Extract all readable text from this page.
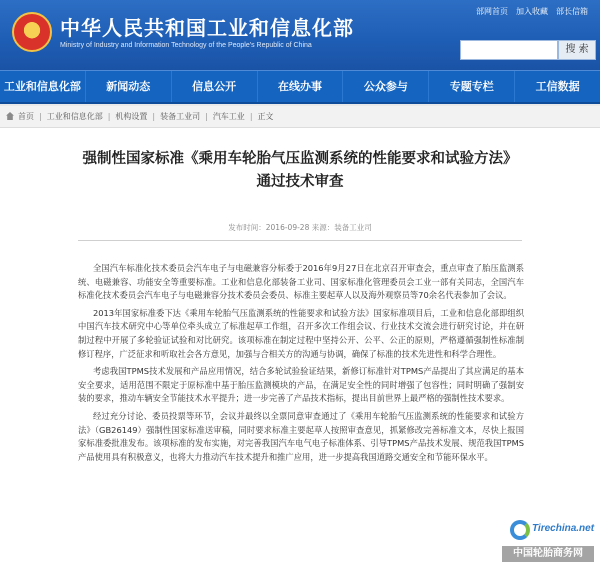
★ 中华人民共和国工业和信息化部
Ministry of Industry and Information Technology of the People's Republic of China
部网首页 加入收藏 部长信箱
搜 索
工业和信息化部	新闻动态	信息公开	在线办事	公众参与	专题专栏	工信数据
首页 | 工业和信息化部 | 机构设置 | 装备工业司 | 汽车工业 | 正文
强制性国家标准《乘用车轮胎气压监测系统的性能要求和试验方法》
通过技术审查
发布时间：2016-09-28 来源：装备工业司

全国汽车标准化技术委员会汽车电子与电磁兼容分标委于2016年9月27日在北京召开审查会，重点审查了胎压监测系统、电磁兼容、功能安全等重要标准。工业和信息化部装备工业司、国家标准化管理委员会工业一部有关同志，全国汽车标准化技术委员会汽车电子与电磁兼容分技术委员会委员、标准主要起草人以及海外观察员等70余名代表参加了会议。

2013年国家标准委下达《乘用车轮胎气压监测系统的性能要求和试验方法》国家标准项目后，工业和信息化部即组织中国汽车技术研究中心等单位牵头成立了标准起草工作组，召开多次工作组会议、行业技术交流会进行研究讨论，并在研制过程中开展了多轮验证试验和对比研究。该项标准在制定过程中坚持公开、公平、公正的原则，严格遵循强制性标准制修订程序，广泛征求和听取社会各方意见，加强与合相关方的沟通与协调，确保了标准的技术先进性和科学合理性。

考虑我国TPMS技术发展和产品应用情况，结合多轮试验验证结果，新修订标准针对TPMS产品提出了其应满足的基本安全要求，适用范围不限定于原标准中基于胎压监测模块的产品，在满足安全性的同时增强了包容性；同时明确了强制安装的要求，推动车辆安全节能技术水平提升；进一步完善了产品技术指标，提出目前世界上最严格的强制性技术要求。

经过充分讨论、委员投票等环节，会议并最终以全票同意审查通过了《乘用车轮胎气压监测系统的性能要求和试验方法》（GB26149）强制性国家标准送审稿，同时要求标准主要起草人按照审查意见，抓紧修改完善标准文本，尽快上报国家标准委批准发布。该项标准的发布实施，对完善我国汽车电气电子标准体系、引导TPMS产品技术发展、规范我国TPMS产品使用具有积极意义，也将大力推动汽车技术提升和推广应用，进一步提高我国道路交通安全和节能环保水平。

Tirechina.net
中国轮胎商务网
